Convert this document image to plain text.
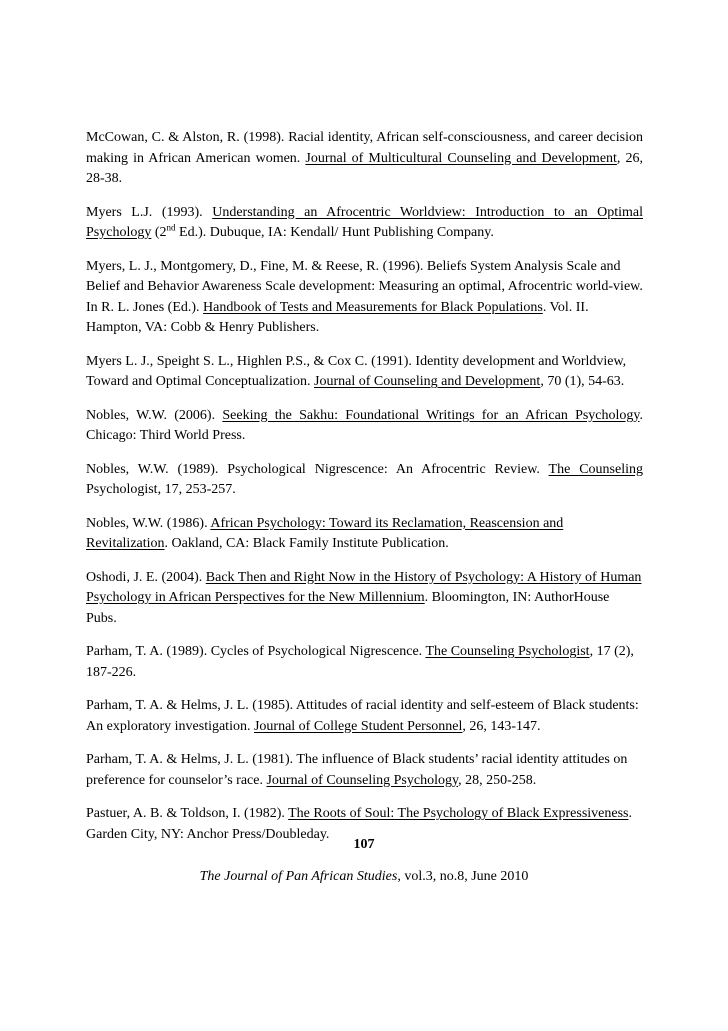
McCowan, C. & Alston, R. (1998). Racial identity, African self-consciousness, and career decision making in African American women. Journal of Multicultural Counseling and Development, 26, 28-38.

Myers L.J. (1993). Understanding an Afrocentric Worldview: Introduction to an Optimal Psychology (2nd Ed.). Dubuque, IA: Kendall/ Hunt Publishing Company.

Myers, L. J., Montgomery, D., Fine, M. & Reese, R. (1996). Beliefs System Analysis Scale and Belief and Behavior Awareness Scale development: Measuring an optimal, Afrocentric world-view. In R. L. Jones (Ed.). Handbook of Tests and Measurements for Black Populations. Vol. II. Hampton, VA: Cobb & Henry Publishers.

Myers L. J., Speight S. L., Highlen P.S., & Cox C. (1991). Identity development and Worldview, Toward and Optimal Conceptualization. Journal of Counseling and Development, 70 (1), 54-63.

Nobles, W.W. (2006). Seeking the Sakhu: Foundational Writings for an African Psychology. Chicago: Third World Press.

Nobles, W.W. (1989). Psychological Nigrescence: An Afrocentric Review. The Counseling Psychologist, 17, 253-257.

Nobles, W.W. (1986). African Psychology: Toward its Reclamation, Reascension and Revitalization. Oakland, CA: Black Family Institute Publication.

Oshodi, J. E. (2004). Back Then and Right Now in the History of Psychology: A History of Human Psychology in African Perspectives for the New Millennium. Bloomington, IN: AuthorHouse Pubs.

Parham, T. A. (1989). Cycles of Psychological Nigrescence. The Counseling Psychologist, 17 (2), 187-226.

Parham, T. A. & Helms, J. L. (1985). Attitudes of racial identity and self-esteem of Black students: An exploratory investigation. Journal of College Student Personnel, 26, 143-147.

Parham, T. A. & Helms, J. L. (1981). The influence of Black students’ racial identity attitudes on preference for counselor’s race. Journal of Counseling Psychology, 28, 250-258.

Pastuer, A. B. & Toldson, I. (1982). The Roots of Soul: The Psychology of Black Expressiveness. Garden City, NY: Anchor Press/Doubleday.

107
The Journal of Pan African Studies, vol.3, no.8, June 2010
